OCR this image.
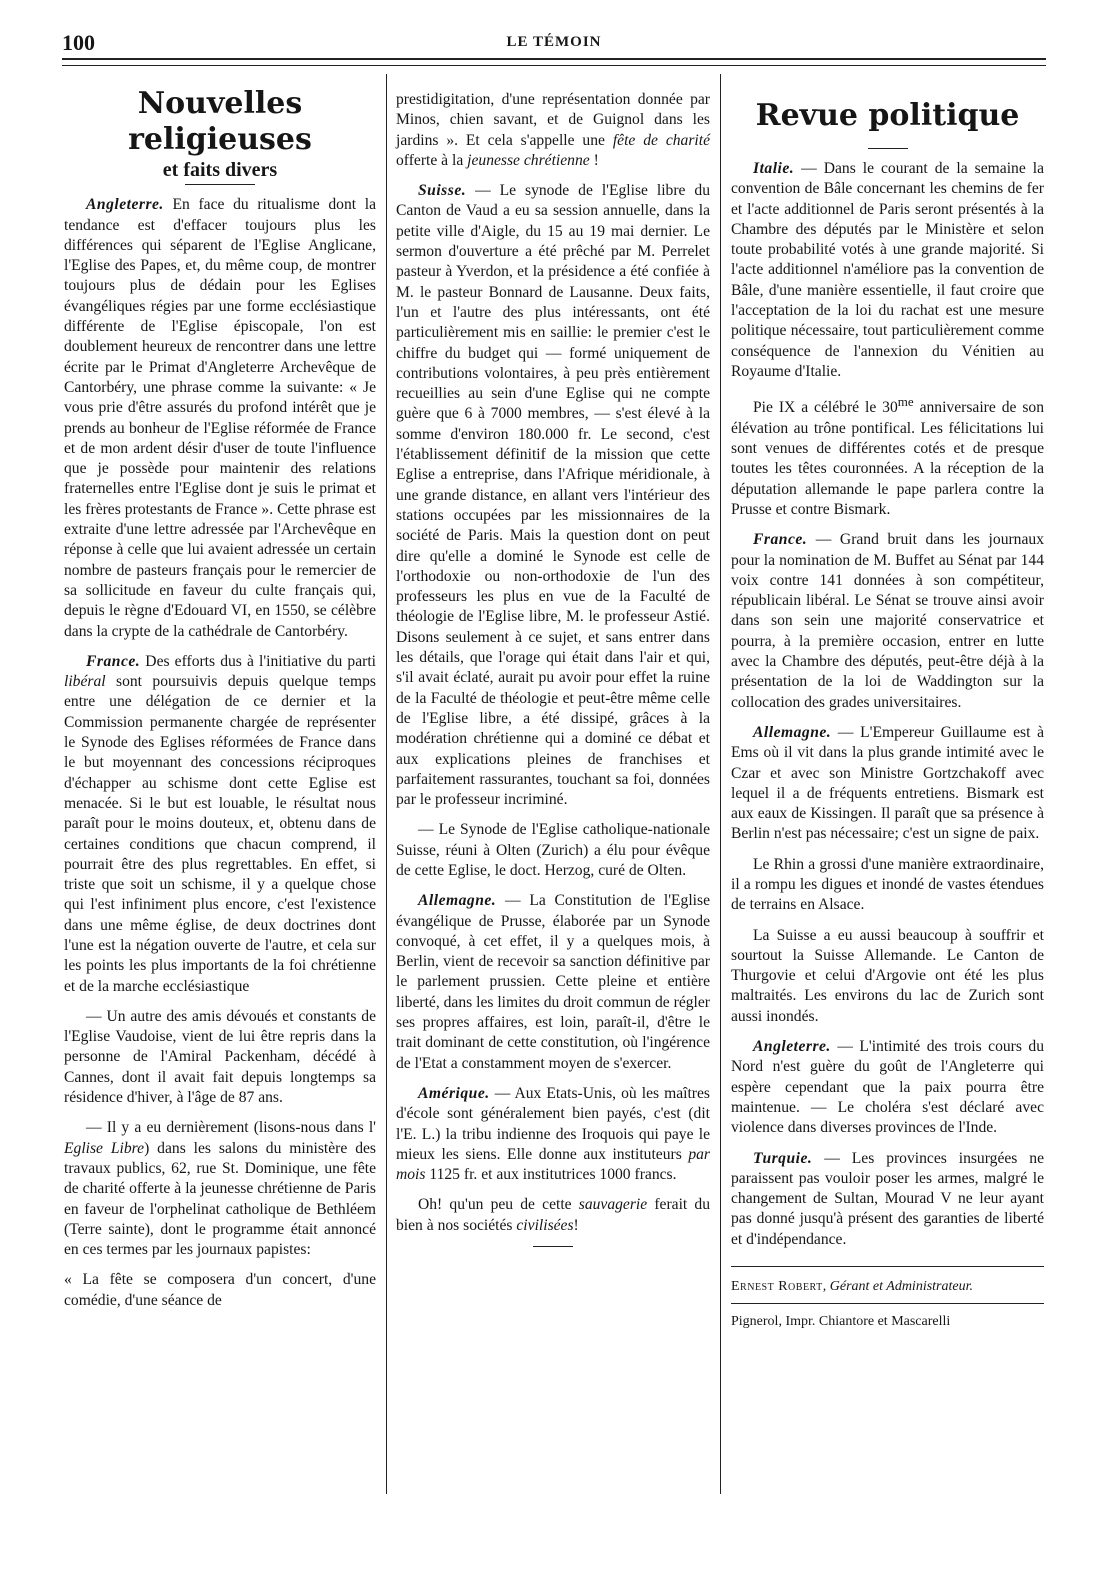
100	LE TÉMOIN
Nouvelles religieuses
et faits divers

Angleterre. En face du ritualisme dont la tendance est d'effacer toujours plus les différences qui séparent de l'Eglise Anglicane, l'Eglise des Papes, et, du même coup, de montrer toujours plus de dédain pour les Eglises évangéliques régies par une forme ecclésiastique différente de l'Eglise épiscopale, l'on est doublement heureux de rencontrer dans une lettre écrite par le Primat d'Angleterre Archevêque de Cantorbéry, une phrase comme la suivante: « Je vous prie d'être assurés du profond intérêt que je prends au bonheur de l'Eglise réformée de France et de mon ardent désir d'user de toute l'influence que je possède pour maintenir des relations fraternelles entre l'Eglise dont je suis le primat et les frères protestants de France ». Cette phrase est extraite d'une lettre adressée par l'Archevêque en réponse à celle que lui avaient adressée un certain nombre de pasteurs français pour le remercier de sa sollicitude en faveur du culte français qui, depuis le règne d'Edouard VI, en 1550, se célèbre dans la crypte de la cathédrale de Cantorbéry.

France. Des efforts dus à l'initiative du parti libéral sont poursuivis depuis quelque temps entre une délégation de ce dernier et la Commission permanente chargée de représenter le Synode des Eglises réformées de France dans le but moyennant des concessions réciproques d'échapper au schisme dont cette Eglise est menacée. Si le but est louable, le résultat nous paraît pour le moins douteux, et, obtenu dans de certaines conditions que chacun comprend, il pourrait être des plus regrettables. En effet, si triste que soit un schisme, il y a quelque chose qui l'est infiniment plus encore, c'est l'existence dans une même église, de deux doctrines dont l'une est la négation ouverte de l'autre, et cela sur les points les plus importants de la foi chrétienne et de la marche ecclésiastique

— Un autre des amis dévoués et constants de l'Eglise Vaudoise, vient de lui être repris dans la personne de l'Amiral Packenham, décédé à Cannes, dont il avait fait depuis longtemps sa résidence d'hiver, à l'âge de 87 ans.

— Il y a eu dernièrement (lisons-nous dans l' Eglise Libre) dans les salons du ministère des travaux publics, 62, rue St. Dominique, une fête de charité offerte à la jeunesse chrétienne de Paris en faveur de l'orphelinat catholique de Bethléem (Terre sainte), dont le programme était annoncé en ces termes par les journaux papistes:

« La fête se composera d'un concert, d'une comédie, d'une séance de

prestidigitation, d'une représentation donnée par Minos, chien savant, et de Guignol dans les jardins ». Et cela s'appelle une fête de charité offerte à la jeunesse chrétienne !

Suisse. — Le synode de l'Eglise libre du Canton de Vaud a eu sa session annuelle, dans la petite ville d'Aigle, du 15 au 19 mai dernier. Le sermon d'ouverture a été prêché par M. Perrelet pasteur à Yverdon, et la présidence a été confiée à M. le pasteur Bonnard de Lausanne. Deux faits, l'un et l'autre des plus intéressants, ont été particulièrement mis en saillie: le premier c'est le chiffre du budget qui — formé uniquement de contributions volontaires, à peu près entièrement recueillies au sein d'une Eglise qui ne compte guère que 6 à 7000 membres, — s'est élevé à la somme d'environ 180.000 fr. Le second, c'est l'établissement définitif de la mission que cette Eglise a entreprise, dans l'Afrique méridionale, à une grande distance, en allant vers l'intérieur des stations occupées par les missionnaires de la société de Paris. Mais la question dont on peut dire qu'elle a dominé le Synode est celle de l'orthodoxie ou non-orthodoxie de l'un des professeurs les plus en vue de la Faculté de théologie de l'Eglise libre, M. le professeur Astié. Disons seulement à ce sujet, et sans entrer dans les détails, que l'orage qui était dans l'air et qui, s'il avait éclaté, aurait pu avoir pour effet la ruine de la Faculté de théologie et peut-être même celle de l'Eglise libre, a été dissipé, grâces à la modération chrétienne qui a dominé ce débat et aux explications pleines de franchises et parfaitement rassurantes, touchant sa foi, données par le professeur incriminé.

— Le Synode de l'Eglise catholique-nationale Suisse, réuni à Olten (Zurich) a élu pour évêque de cette Eglise, le doct. Herzog, curé de Olten.

Allemagne. — La Constitution de l'Eglise évangélique de Prusse, élaborée par un Synode convoqué, à cet effet, il y a quelques mois, à Berlin, vient de recevoir sa sanction définitive par le parlement prussien. Cette pleine et entière liberté, dans les limites du droit commun de régler ses propres affaires, est loin, paraît-il, d'être le trait dominant de cette constitution, où l'ingérence de l'Etat a constamment moyen de s'exercer.

Amérique. — Aux Etats-Unis, où les maîtres d'école sont généralement bien payés, c'est (dit l'E. L.) la tribu indienne des Iroquois qui paye le mieux les siens. Elle donne aux instituteurs par mois 1125 fr. et aux institutrices 1000 francs.

Oh! qu'un peu de cette sauvagerie ferait du bien à nos sociétés civilisées!

Revue politique

Italie. — Dans le courant de la semaine la convention de Bâle concernant les chemins de fer et l'acte additionnel de Paris seront présentés à la Chambre des députés par le Ministère et selon toute probabilité votés à une grande majorité. Si l'acte additionnel n'améliore pas la convention de Bâle, d'une manière essentielle, il faut croire que l'acceptation de la loi du rachat est une mesure politique nécessaire, tout particulièrement comme conséquence de l'annexion du Vénitien au Royaume d'Italie.

Pie IX a célébré le $30^{me}$ anniversaire de son élévation au trône pontifical. Les félicitations lui sont venues de différentes cotés et de presque toutes les têtes couronnées. A la réception de la députation allemande le pape parlera contre la Prusse et contre Bismark.

France. — Grand bruit dans les journaux pour la nomination de M. Buffet au Sénat par 144 voix contre 141 données à son compétiteur, républicain libéral. Le Sénat se trouve ainsi avoir dans son sein une majorité conservatrice et pourra, à la première occasion, entrer en lutte avec la Chambre des députés, peut-être déjà à la présentation de la loi de Waddington sur la collocation des grades universitaires.

Allemagne. — L'Empereur Guillaume est à Ems où il vit dans la plus grande intimité avec le Czar et avec son Ministre Gortzchakoff avec lequel il a de fréquents entretiens. Bismark est aux eaux de Kissingen. Il paraît que sa présence à Berlin n'est pas nécessaire; c'est un signe de paix.

Le Rhin a grossi d'une manière extraordinaire, il a rompu les digues et inondé de vastes étendues de terrains en Alsace.

La Suisse a eu aussi beaucoup à souffrir et sourtout la Suisse Allemande. Le Canton de Thurgovie et celui d'Argovie ont été les plus maltraités. Les environs du lac de Zurich sont aussi inondés.

Angleterre. — L'intimité des trois cours du Nord n'est guère du goût de l'Angleterre qui espère cependant que la paix pourra être maintenue. — Le choléra s'est déclaré avec violence dans diverses provinces de l'Inde.

Turquie. — Les provinces insurgées ne paraissent pas vouloir poser les armes, malgré le changement de Sultan, Mourad V ne leur ayant pas donné jusqu'à présent des garanties de liberté et d'indépendance.

Ernest Robert, Gérant et Administrateur.
Pignerol, Impr. Chiantore et Mascarelli
